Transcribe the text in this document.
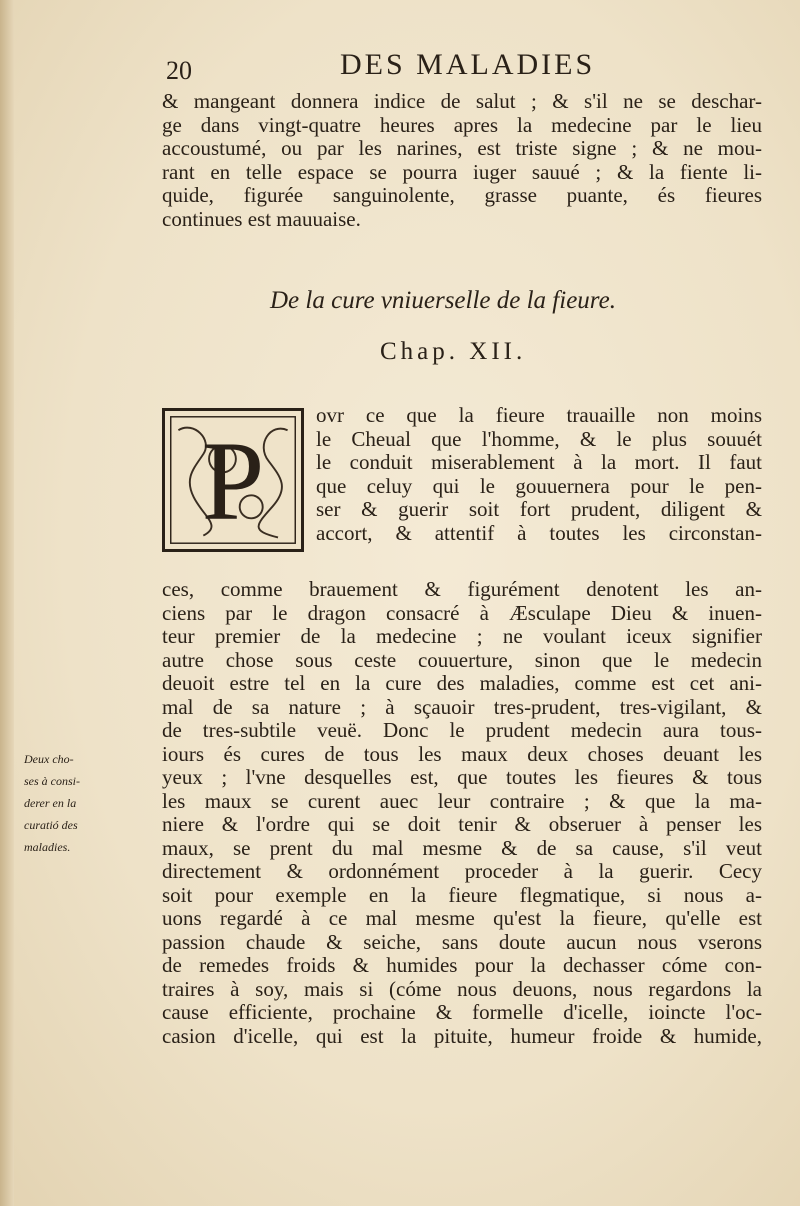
20	DES MALADIES
& mangeant donnera indice de salut ; & s'il ne se deschar-
ge dans vingt-quatre heures apres la medecine par le lieu
accoustumé, ou par les narines, est triste signe ; & ne mou-
rant en telle espace se pourra iuger sauué ; & la fiente li-
quide, figurée sanguinolente, grasse puante, és fieures
continues est mauuaise.
De la cure vniuerselle de la fieure.
Chap. XII.
P
ovr ce que la fieure trauaille non moins
le Cheual que l'homme, & le plus souuét
le conduit miserablement à la mort. Il faut
que celuy qui le gouuernera pour le pen-
ser & guerir soit fort prudent, diligent &
accort, & attentif à toutes les circonstan-
ces, comme brauement & figurément denotent les an-
ciens par le dragon consacré à Æsculape Dieu & inuen-
teur premier de la medecine ; ne voulant iceux signifier
autre chose sous ceste couuerture, sinon que le medecin
deuoit estre tel en la cure des maladies, comme est cet ani-
mal de sa nature ; à sçauoir tres-prudent, tres-vigilant, &
de tres-subtile veuë. Donc le prudent medecin aura tous-
iours és cures de tous les maux deux choses deuant les
yeux ; l'vne desquelles est, que toutes les fieures & tous
les maux se curent auec leur contraire ; & que la ma-
niere & l'ordre qui se doit tenir & obseruer à penser les
maux, se prent du mal mesme & de sa cause, s'il veut
directement & ordonnément proceder à la guerir. Cecy
soit pour exemple en la fieure flegmatique, si nous a-
uons regardé à ce mal mesme qu'est la fieure, qu'elle est
passion chaude & seiche, sans doute aucun nous vserons
de remedes froids & humides pour la dechasser cóme con-
traires à soy, mais si (cóme nous deuons, nous regardons la
cause efficiente, prochaine & formelle d'icelle, ioincte l'oc-
casion d'icelle, qui est la pituite, humeur froide & humide,
Deux cho-
ses à consi-
derer en la
curatió des
maladies.
